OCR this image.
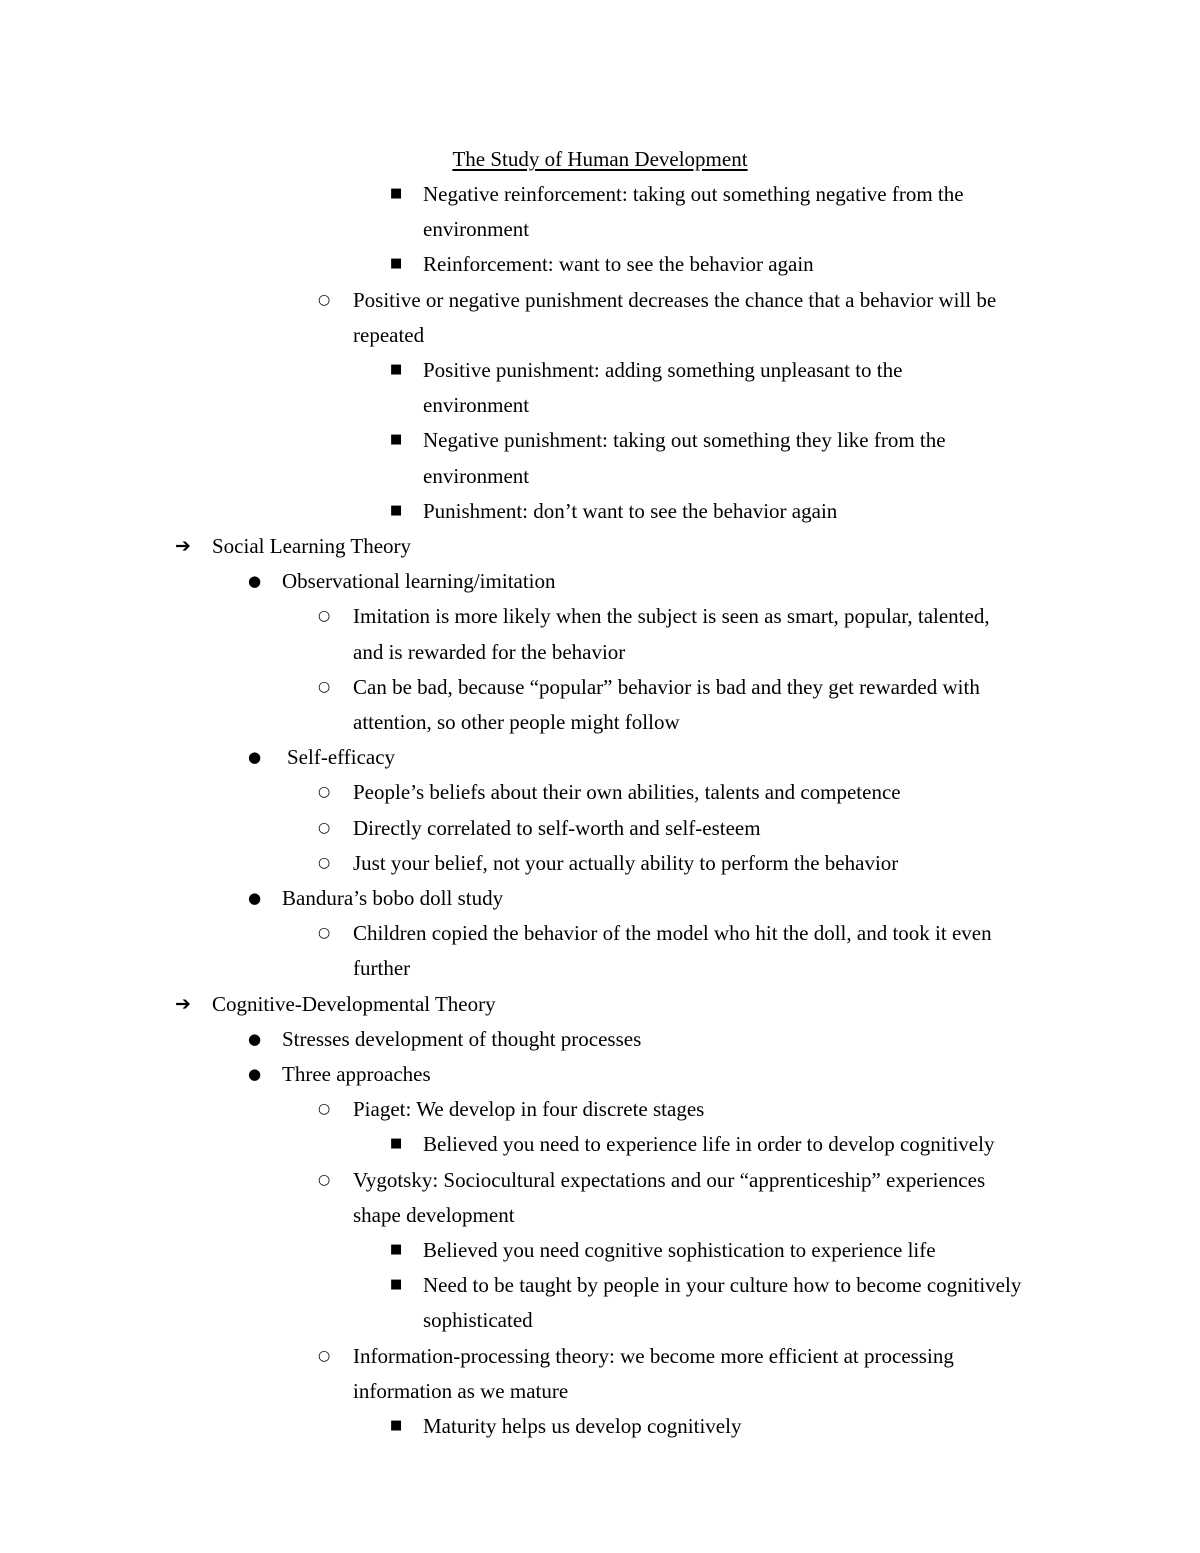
The Study of Human Development
■ Negative reinforcement: taking out something negative from the
environment
■ Reinforcement: want to see the behavior again
○ Positive or negative punishment decreases the chance that a behavior will be
repeated
■ Positive punishment: adding something unpleasant to the
environment
■ Negative punishment: taking out something they like from the
environment
■ Punishment: don’t want to see the behavior again
➔ Social Learning Theory
● Observational learning/imitation
○ Imitation is more likely when the subject is seen as smart, popular, talented,
and is rewarded for the behavior
○ Can be bad, because “popular” behavior is bad and they get rewarded with
attention, so other people might follow
● Self-efficacy
○ People’s beliefs about their own abilities, talents and competence
○ Directly correlated to self-worth and self-esteem
○ Just your belief, not your actually ability to perform the behavior
● Bandura’s bobo doll study
○ Children copied the behavior of the model who hit the doll, and took it even
further
➔ Cognitive-Developmental Theory
● Stresses development of thought processes
● Three approaches
○ Piaget: We develop in four discrete stages
■ Believed you need to experience life in order to develop cognitively
○ Vygotsky: Sociocultural expectations and our “apprenticeship” experiences
shape development
■ Believed you need cognitive sophistication to experience life
■ Need to be taught by people in your culture how to become cognitively
sophisticated
○ Information-processing theory: we become more efficient at processing
information as we mature
■ Maturity helps us develop cognitively
